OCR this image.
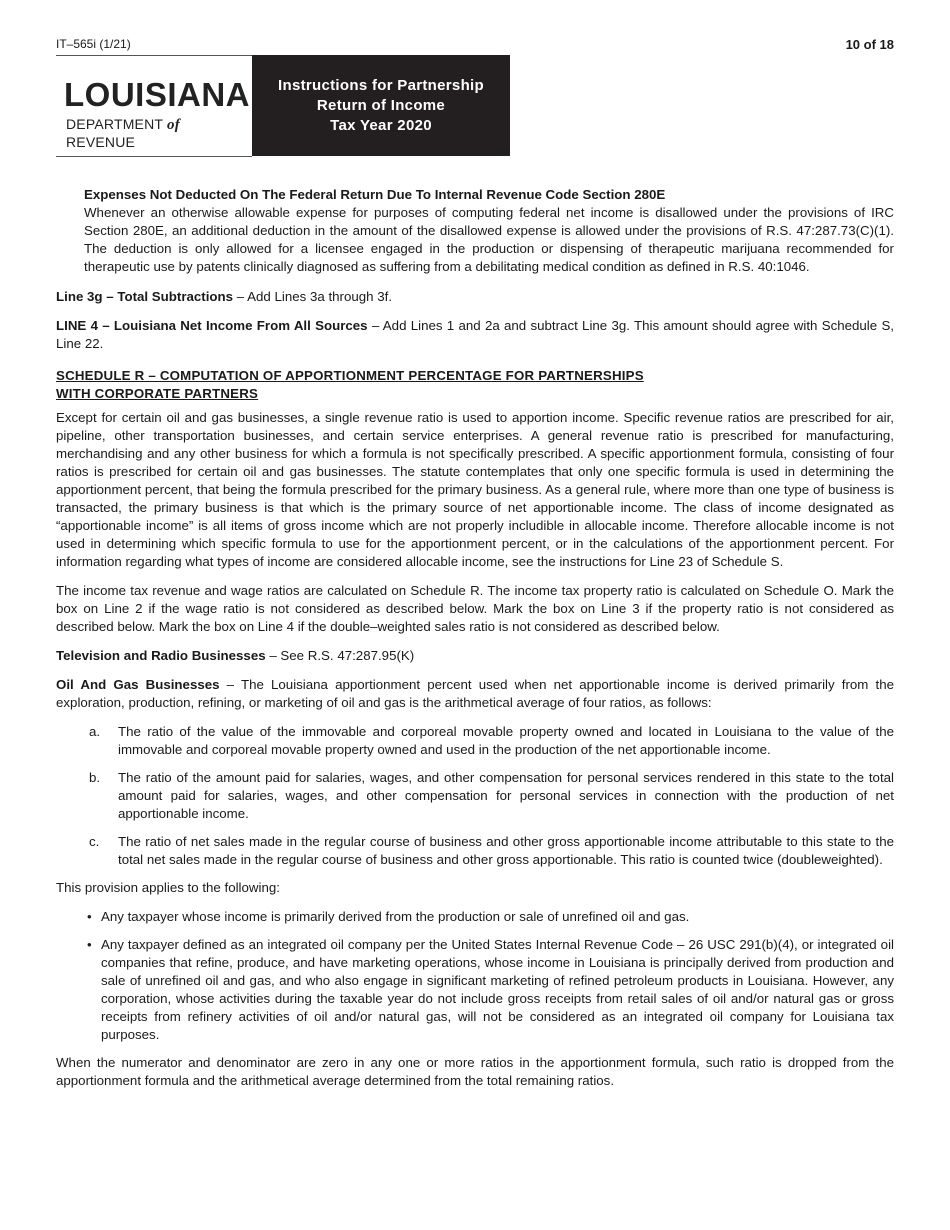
IT–565i (1/21)	10 of 18
LOUISIANA
DEPARTMENT of REVENUE
Instructions for Partnership
Return of Income
Tax Year 2020

Expenses Not Deducted On The Federal Return Due To Internal Revenue Code Section 280E

Whenever an otherwise allowable expense for purposes of computing federal net income is disallowed under the provisions of IRC Section 280E, an additional deduction in the amount of the disallowed expense is allowed under the provisions of R.S. 47:287.73(C)(1). The deduction is only allowed for a licensee engaged in the production or dispensing of therapeutic marijuana recommended for therapeutic use by patents clinically diagnosed as suffering from a debilitating medical condition as defined in R.S. 40:1046.

Line 3g – Total Subtractions – Add Lines 3a through 3f.

LINE 4 – Louisiana Net Income From All Sources – Add Lines 1 and 2a and subtract Line 3g. This amount should agree with Schedule S, Line 22.

SCHEDULE R – COMPUTATION OF APPORTIONMENT PERCENTAGE FOR PARTNERSHIPS
WITH CORPORATE PARTNERS

Except for certain oil and gas businesses, a single revenue ratio is used to apportion income. Specific revenue ratios are prescribed for air, pipeline, other transportation businesses, and certain service enterprises. A general revenue ratio is prescribed for manufacturing, merchandising and any other business for which a formula is not specifically prescribed. A specific apportionment formula, consisting of four ratios is prescribed for certain oil and gas businesses. The statute contemplates that only one specific formula is used in determining the apportionment percent, that being the formula prescribed for the primary business. As a general rule, where more than one type of business is transacted, the primary business is that which is the primary source of net apportionable income. The class of income designated as “apportionable income” is all items of gross income which are not properly includible in allocable income. Therefore allocable income is not used in determining which specific formula to use for the apportionment percent, or in the calculations of the apportionment percent. For information regarding what types of income are considered allocable income, see the instructions for Line 23 of Schedule S.

The income tax revenue and wage ratios are calculated on Schedule R. The income tax property ratio is calculated on Schedule O. Mark the box on Line 2 if the wage ratio is not considered as described below. Mark the box on Line 3 if the property ratio is not considered as described below. Mark the box on Line 4 if the double–weighted sales ratio is not considered as described below.

Television and Radio Businesses – See R.S. 47:287.95(K)

Oil And Gas Businesses – The Louisiana apportionment percent used when net apportionable income is derived primarily from the exploration, production, refining, or marketing of oil and gas is the arithmetical average of four ratios, as follows:

a. The ratio of the value of the immovable and corporeal movable property owned and located in Louisiana to the value of the immovable and corporeal movable property owned and used in the production of the net apportionable income.
b. The ratio of the amount paid for salaries, wages, and other compensation for personal services rendered in this state to the total amount paid for salaries, wages, and other compensation for personal services in connection with the production of net apportionable income.
c. The ratio of net sales made in the regular course of business and other gross apportionable income attributable to this state to the total net sales made in the regular course of business and other gross apportionable. This ratio is counted twice (doubleweighted).

This provision applies to the following:

• Any taxpayer whose income is primarily derived from the production or sale of unrefined oil and gas.
• Any taxpayer defined as an integrated oil company per the United States Internal Revenue Code – 26 USC 291(b)(4), or integrated oil companies that refine, produce, and have marketing operations, whose income in Louisiana is principally derived from production and sale of unrefined oil and gas, and who also engage in significant marketing of refined petroleum products in Louisiana. However, any corporation, whose activities during the taxable year do not include gross receipts from retail sales of oil and/or natural gas or gross receipts from refinery activities of oil and/or natural gas, will not be considered as an integrated oil company for Louisiana tax purposes.

When the numerator and denominator are zero in any one or more ratios in the apportionment formula, such ratio is dropped from the apportionment formula and the arithmetical average determined from the total remaining ratios.
